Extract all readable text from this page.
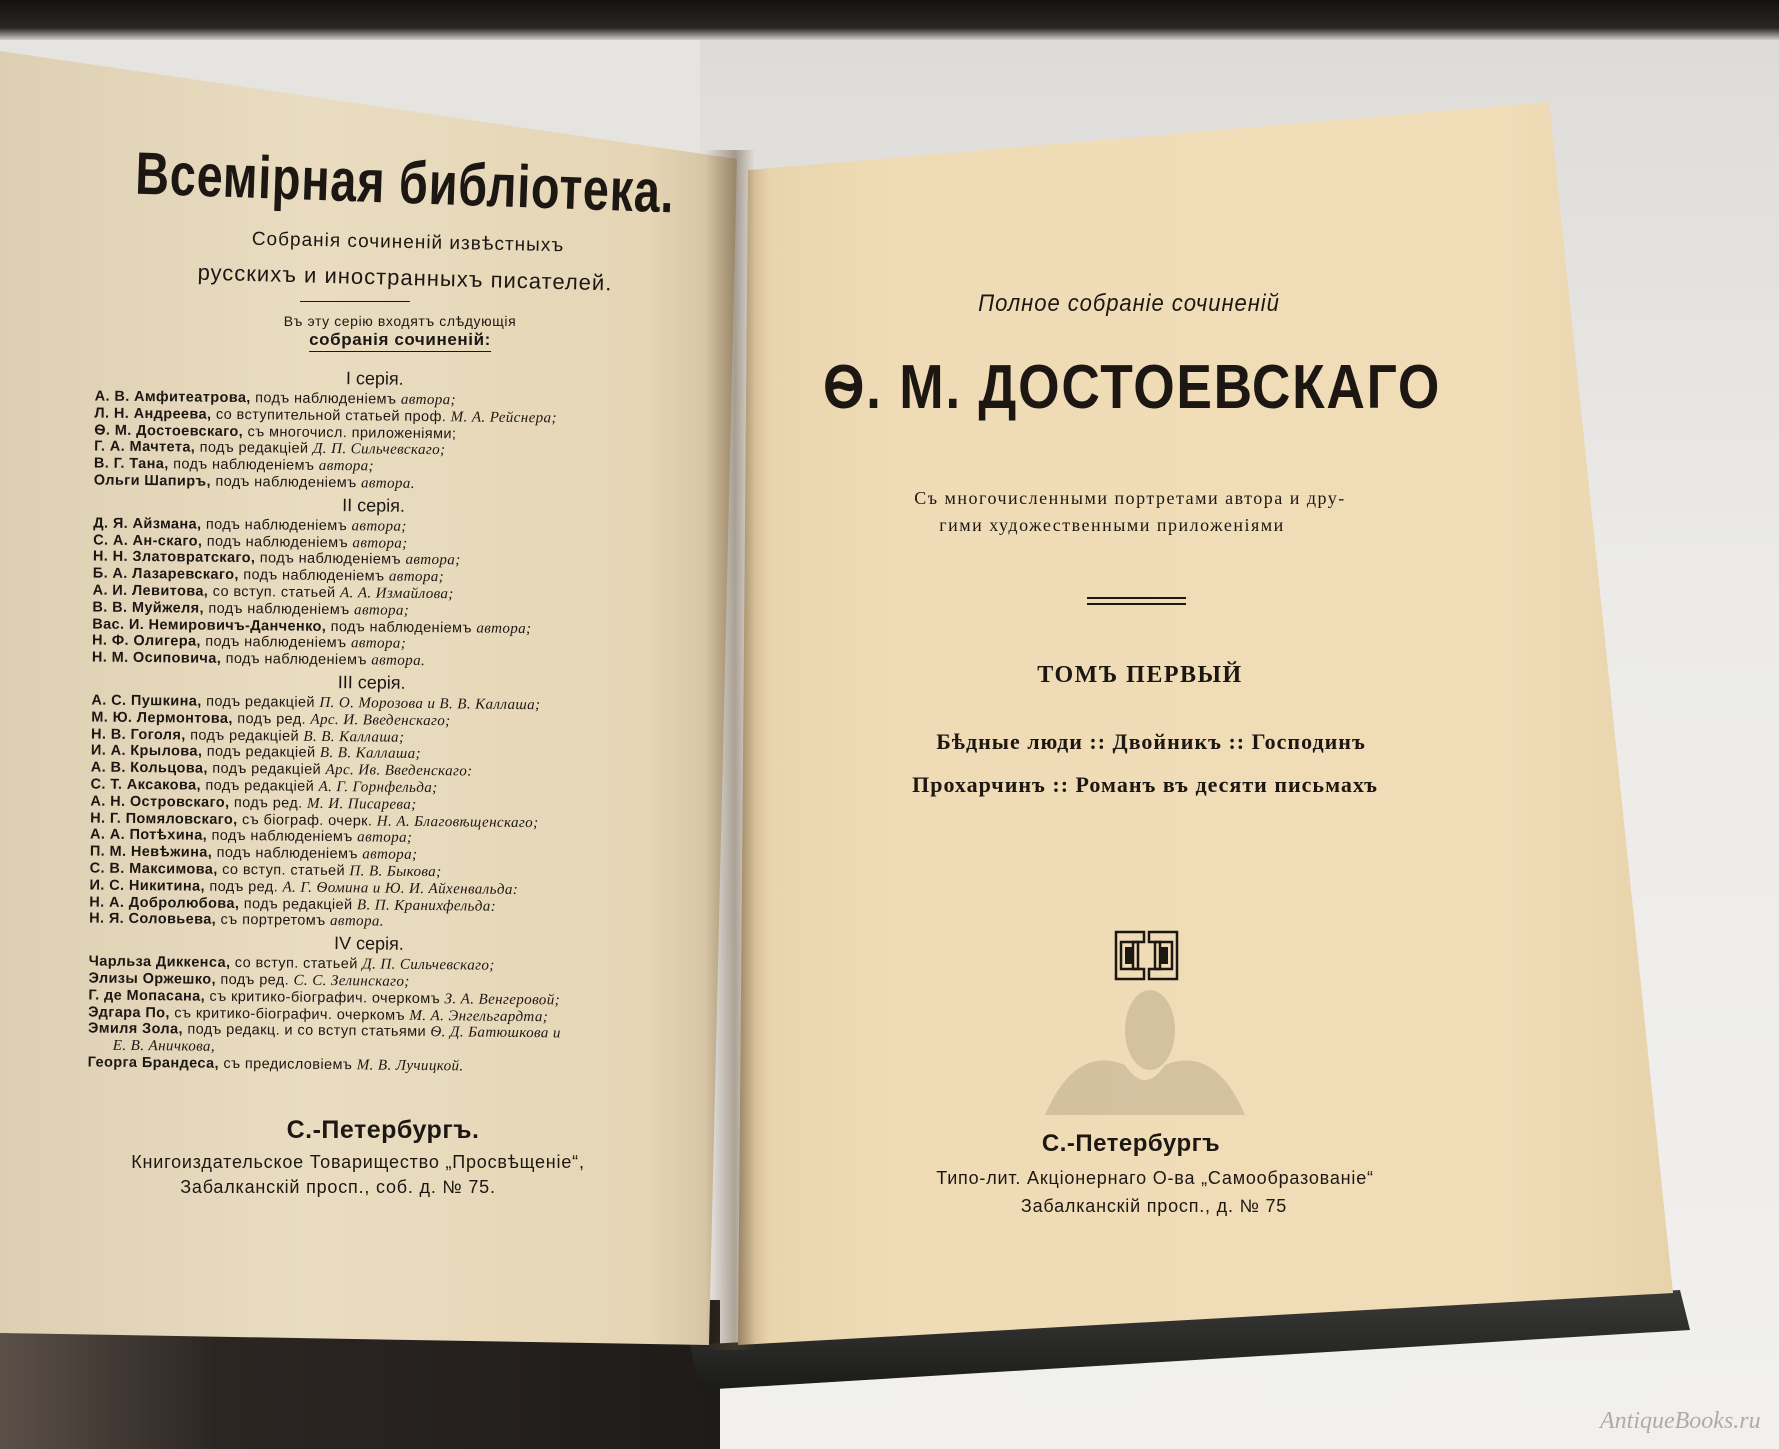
Всемірная библіотека.
Собранія сочиненій извѣстныхъ
русскихъ и иностранныхъ писателей.
Въ эту серію входятъ слѣдующія
собранія сочиненій:
I серія.
А. В. Амфитеатрова, подъ наблюденіемъ автора;
Л. Н. Андреева, со вступительной статьей проф. М. А. Рейснера;
Ѳ. М. Достоевскаго, съ многочисл. приложеніями;
Г. А. Мачтета, подъ редакціей Д. П. Сильчевскаго;
В. Г. Тана, подъ наблюденіемъ автора;
Ольги Шапиръ, подъ наблюденіемъ автора.
II серія.
Д. Я. Айзмана, подъ наблюденіемъ автора;
С. А. Ан-скаго, подъ наблюденіемъ автора;
Н. Н. Златовратскаго, подъ наблюденіемъ автора;
Б. А. Лазаревскаго, подъ наблюденіемъ автора;
А. И. Левитова, со вступ. статьей А. А. Измайлова;
В. В. Муйжеля, подъ наблюденіемъ автора;
Вас. И. Немировичъ-Данченко, подъ наблюденіемъ автора;
Н. Ф. Олигера, подъ наблюденіемъ автора;
Н. М. Осиповича, подъ наблюденіемъ автора.
III серія.
А. С. Пушкина, подъ редакціей П. О. Морозова и В. В. Каллаша;
М. Ю. Лермонтова, подъ ред. Арс. И. Введенскаго;
Н. В. Гоголя, подъ редакціей В. В. Каллаша;
И. А. Крылова, подъ редакціей В. В. Каллаша;
А. В. Кольцова, подъ редакціей Арс. Ив. Введенскаго:
С. Т. Аксакова, подъ редакціей А. Г. Горнфельда;
А. Н. Островскаго, подъ ред. М. И. Писарева;
Н. Г. Помяловскаго, съ біограф. очерк. Н. А. Благовѣщенскаго;
А. А. Потѣхина, подъ наблюденіемъ автора;
П. М. Невѣжина, подъ наблюденіемъ автора;
С. В. Максимова, со вступ. статьей П. В. Быкова;
И. С. Никитина, подъ ред. А. Г. Ѳомина и Ю. И. Айхенвальда:
Н. А. Добролюбова, подъ редакціей В. П. Кранихфельда:
Н. Я. Соловьева, съ портретомъ автора.
IV серія.
Чарльза Диккенса, со вступ. статьей Д. П. Сильчевскаго;
Элизы Оржешко, подъ ред. С. С. Зелинскаго;
Г. де Мопасана, съ критико-біографич. очеркомъ З. А. Венгеровой;
Эдгара По, съ критико-біографич. очеркомъ М. А. Энгельгардта;
Эмиля Зола, подъ редакц. и со вступ статьями Ѳ. Д. Батюшкова и
Е. В. Аничкова,
Георга Брандеса, съ предисловіемъ М. В. Лучицкой.
С.-Петербургъ.
Книгоиздательское Товарищество „Просвѣщеніе“,
Забалканскій просп., соб. д. № 75.
Полное собраніе сочиненій
Ѳ. М. ДОСТОЕВСКАГО
Съ многочисленными портретами автора и дру-
гими художественными приложеніями
ТОМЪ ПЕРВЫЙ
Бѣдные люди :: Двойникъ :: Господинъ
Прохарчинъ :: Романъ въ десяти письмахъ
С.-Петербургъ
Типо-лит. Акціонернаго О-ва „Самообразованіе“
Забалканскій просп., д. № 75
AntiqueBooks.ru
